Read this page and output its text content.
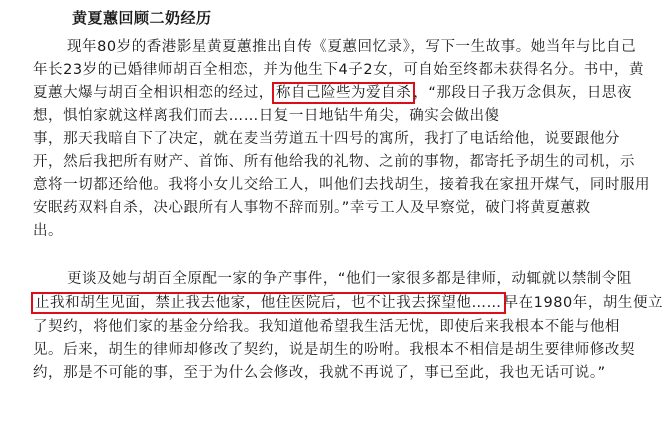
黄夏蕙回顾二奶经历
现年80岁的香港影星黄夏蕙推出自传《夏蕙回忆录》，写下一生故事。她当年与比自己
年长23岁的已婚律师胡百全相恋，并为他生下4子2女，可自始至终都未获得名分。书中，黄
夏蕙大爆与胡百全相识相恋的经过， 称自己险些为爱自杀 ，“那段日子我万念俱灰，日思夜
想，惧怕家就这样离我们而去……日复一日地钻牛角尖，确实会做出傻
事，那天我暗自下了决定，就在麦当劳道五十四号的寓所，我打了电话给他，说要跟他分
开，然后我把所有财产、首饰、所有他给我的礼物、之前的事物，都寄托予胡生的司机，示
意将一切都还给他。我将小女儿交给工人，叫他们去找胡生，接着我在家扭开煤气，同时服用
安眠药双料自杀，决心跟所有人事物不辞而别。”幸亏工人及早察觉，破门将黄夏蕙救
出。
更谈及她与胡百全原配一家的争产事件，“他们一家很多都是律师，动辄就以禁制令阻
止我和胡生见面，禁止我去他家，他住医院后，也不让我去探望他…… 早在1980年，胡生便立
了契约，将他们家的基金分给我。我知道他希望我生活无忧，即使后来我根本不能与他相
见。后来，胡生的律师却修改了契约，说是胡生的吩咐。我根本不相信是胡生要律师修改契
约，那是不可能的事，至于为什么会修改，我就不再说了，事已至此，我也无话可说。”
